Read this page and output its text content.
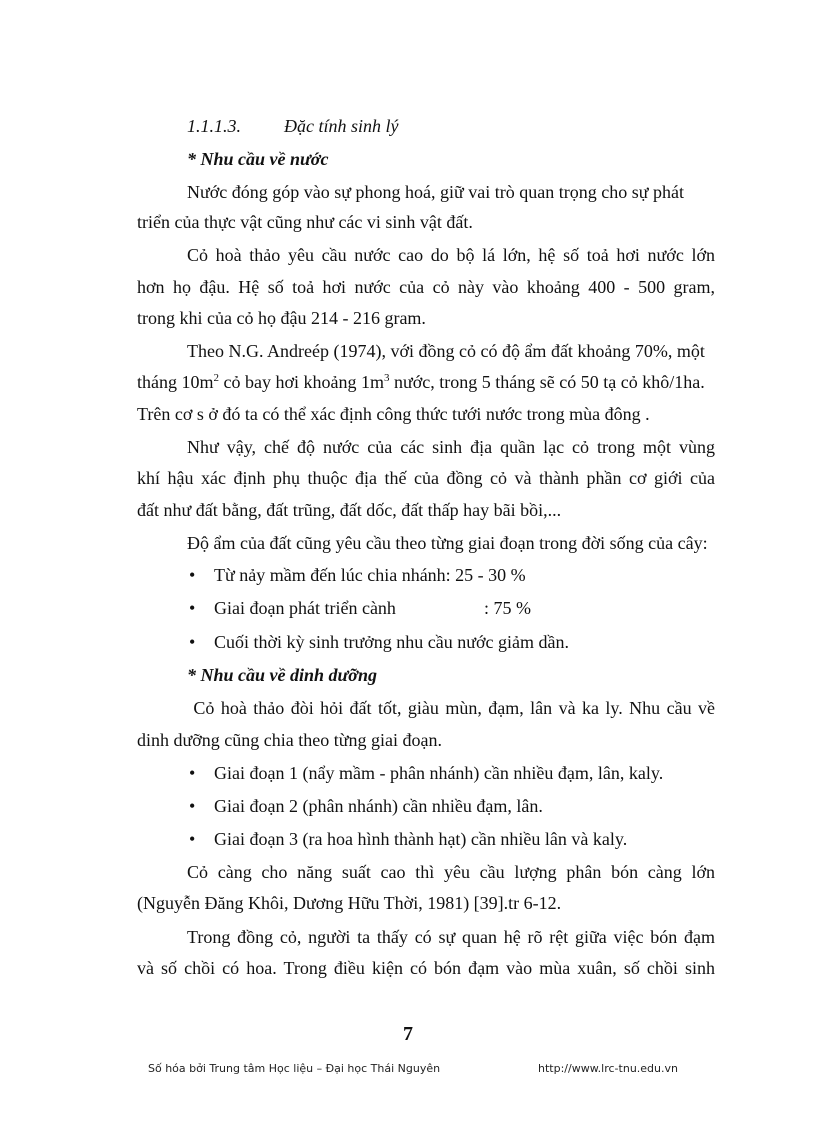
1.1.1.3. Đặc tính sinh lý
* Nhu cầu về nước
Nước đóng góp vào sự phong hoá, giữ vai trò quan trọng cho sự phát
triển của thực vật cũng như các vi sinh vật đất.
Cỏ hoà thảo yêu cầu nước cao do bộ lá lớn, hệ số toả hơi nước lớn
hơn họ đậu. Hệ số toả hơi nước của cỏ này vào khoảng 400 - 500 gram,
trong khi của cỏ họ đậu 214 - 216 gram.
Theo N.G. Andreép (1974), với đồng cỏ có độ ẩm đất khoảng 70%, một
tháng $10m^2$ cỏ bay hơi khoảng $1m^3$ nước, trong 5 tháng sẽ có 50 tạ cỏ khô/1ha.
Trên cơ s ở đó ta có thể xác định công thức tưới nước trong mùa đông .
Như vậy, chế độ nước của các sinh địa quần lạc cỏ trong một vùng
khí hậu xác định phụ thuộc địa thế của đồng cỏ và thành phần cơ giới của
đất như đất bằng, đất trũng, đất dốc, đất thấp hay bãi bồi,...
Độ ẩm của đất cũng yêu cầu theo từng giai đoạn trong đời sống của cây:
• Từ nảy mầm đến lúc chia nhánh: 25 - 30 %
• Giai đoạn phát triển cành	: 75 %
• Cuối thời kỳ sinh trưởng nhu cầu nước giảm dần.
* Nhu cầu về dinh dưỡng
Cỏ hoà thảo đòi hỏi đất tốt, giàu mùn, đạm, lân và ka ly. Nhu cầu về
dinh dưỡng cũng chia theo từng giai đoạn.
• Giai đoạn 1 (nẩy mầm - phân nhánh) cần nhiều đạm, lân, kaly.
• Giai đoạn 2 (phân nhánh) cần nhiều đạm, lân.
• Giai đoạn 3 (ra hoa hình thành hạt) cần nhiều lân và kaly.
Cỏ càng cho năng suất cao thì yêu cầu lượng phân bón càng lớn
(Nguyễn Đăng Khôi, Dương Hữu Thời, 1981) [39].tr 6-12.
Trong đồng cỏ, người ta thấy có sự quan hệ rõ rệt giữa việc bón đạm
và số chồi có hoa. Trong điều kiện có bón đạm vào mùa xuân, số chồi sinh
7
Số hóa bởi Trung tâm Học liệu – Đại học Thái Nguyên	http://www.lrc-tnu.edu.vn
